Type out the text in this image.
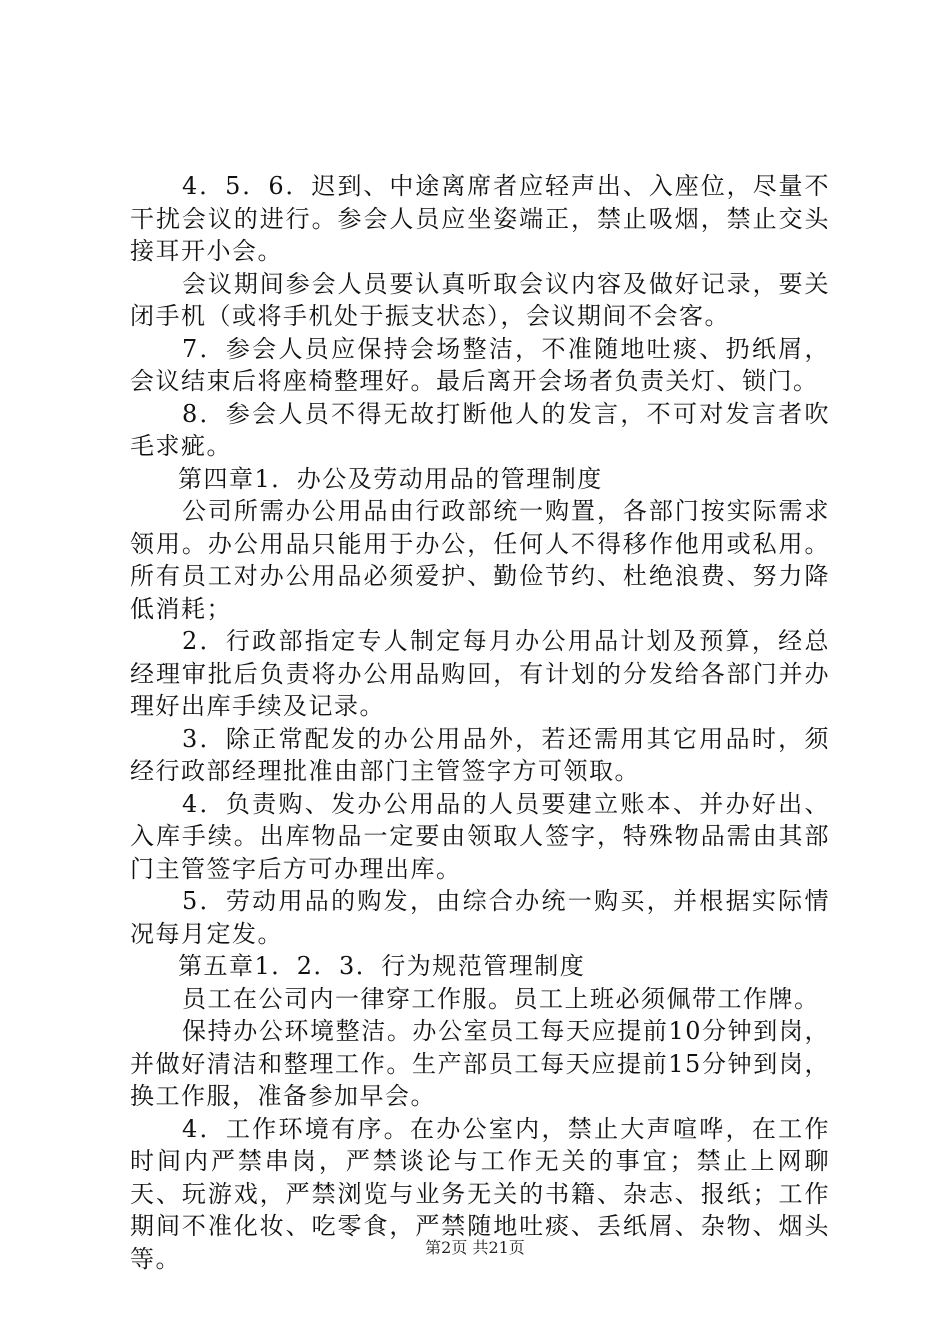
4．5．6．迟到、中途离席者应轻声出、入座位，尽量不干扰会议的进行。参会人员应坐姿端正，禁止吸烟，禁止交头接耳开小会。

会议期间参会人员要认真听取会议内容及做好记录，要关闭手机（或将手机处于振支状态），会议期间不会客。

7．参会人员应保持会场整洁，不准随地吐痰、扔纸屑，会议结束后将座椅整理好。最后离开会场者负责关灯、锁门。

8．参会人员不得无故打断他人的发言，不可对发言者吹毛求疵。

第四章1．办公及劳动用品的管理制度

公司所需办公用品由行政部统一购置，各部门按实际需求领用。办公用品只能用于办公，任何人不得移作他用或私用。所有员工对办公用品必须爱护、勤俭节约、杜绝浪费、努力降低消耗；

2．行政部指定专人制定每月办公用品计划及预算，经总经理审批后负责将办公用品购回，有计划的分发给各部门并办理好出库手续及记录。

3．除正常配发的办公用品外，若还需用其它用品时，须经行政部经理批准由部门主管签字方可领取。

4．负责购、发办公用品的人员要建立账本、并办好出、入库手续。出库物品一定要由领取人签字，特殊物品需由其部门主管签字后方可办理出库。

5．劳动用品的购发，由综合办统一购买，并根据实际情况每月定发。

第五章1．2．3．行为规范管理制度

员工在公司内一律穿工作服。员工上班必须佩带工作牌。

保持办公环境整洁。办公室员工每天应提前10分钟到岗，并做好清洁和整理工作。生产部员工每天应提前15分钟到岗，换工作服，准备参加早会。

4．工作环境有序。在办公室内，禁止大声喧哗，在工作时间内严禁串岗，严禁谈论与工作无关的事宜；禁止上网聊天、玩游戏，严禁浏览与业务无关的书籍、杂志、报纸；工作期间不准化妆、吃零食，严禁随地吐痰、丢纸屑、杂物、烟头等。	第2页 共21页
